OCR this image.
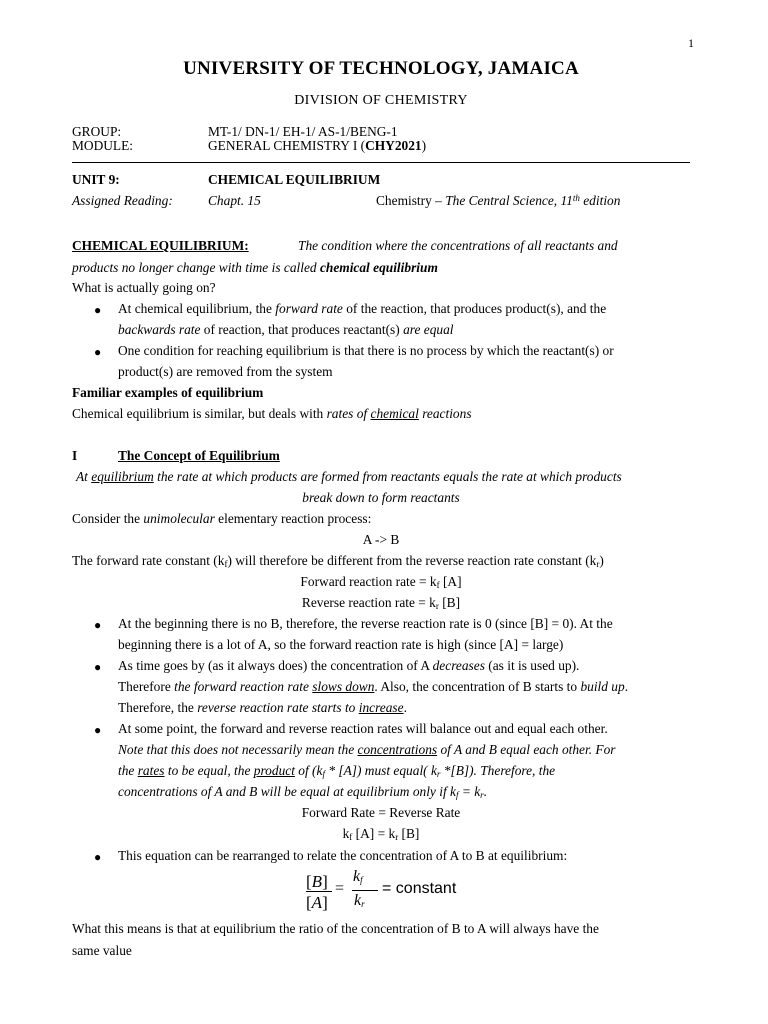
1
UNIVERSITY OF TECHNOLOGY, JAMAICA
DIVISION OF CHEMISTRY
GROUP:	MT-1/ DN-1/ EH-1/ AS-1/BENG-1
MODULE:	GENERAL CHEMISTRY I (CHY2021)
UNIT 9:	CHEMICAL EQUILIBRIUM
Assigned Reading:	Chapt. 15	Chemistry – The Central Science, 11th edition
CHEMICAL EQUILIBRIUM:	The condition where the concentrations of all reactants and
products no longer change with time is called chemical equilibrium
What is actually going on?
● At chemical equilibrium, the forward rate of the reaction, that produces product(s), and the
backwards rate of reaction, that produces reactant(s) are equal
● One condition for reaching equilibrium is that there is no process by which the reactant(s) or
product(s) are removed from the system
Familiar examples of equilibrium
Chemical equilibrium is similar, but deals with rates of chemical reactions
I	The Concept of Equilibrium
At equilibrium the rate at which products are formed from reactants equals the rate at which products
break down to form reactants
Consider the unimolecular elementary reaction process:
A -> B
The forward rate constant $(k_f)$ will therefore be different from the reverse reaction rate constant $(k_r)$
Forward reaction rate = $k_f$ [A]
Reverse reaction rate = $k_r$ [B]
● At the beginning there is no B, therefore, the reverse reaction rate is 0 (since [B] = 0). At the
beginning there is a lot of A, so the forward reaction rate is high (since [A] = large)
● As time goes by (as it always does) the concentration of A decreases (as it is used up).
Therefore the forward reaction rate slows down. Also, the concentration of B starts to build up.
Therefore, the reverse reaction rate starts to increase.
● At some point, the forward and reverse reaction rates will balance out and equal each other.
Note that this does not necessarily mean the concentrations of A and B equal each other. For
the rates to be equal, the product of $(k_f * [A])$ must equal( $k_r$ *[B]). Therefore, the
concentrations of A and B will be equal at equilibrium only if $k_f = k_r$.
Forward Rate = Reverse Rate
$k_f$ $[A] = k_r$ [B]
● This equation can be rearranged to relate the concentration of A to B at equilibrium:
[B]
[A]
=
$k_f$
$k_r$
= constant
What this means is that at equilibrium the ratio of the concentration of B to A will always have the
same value
